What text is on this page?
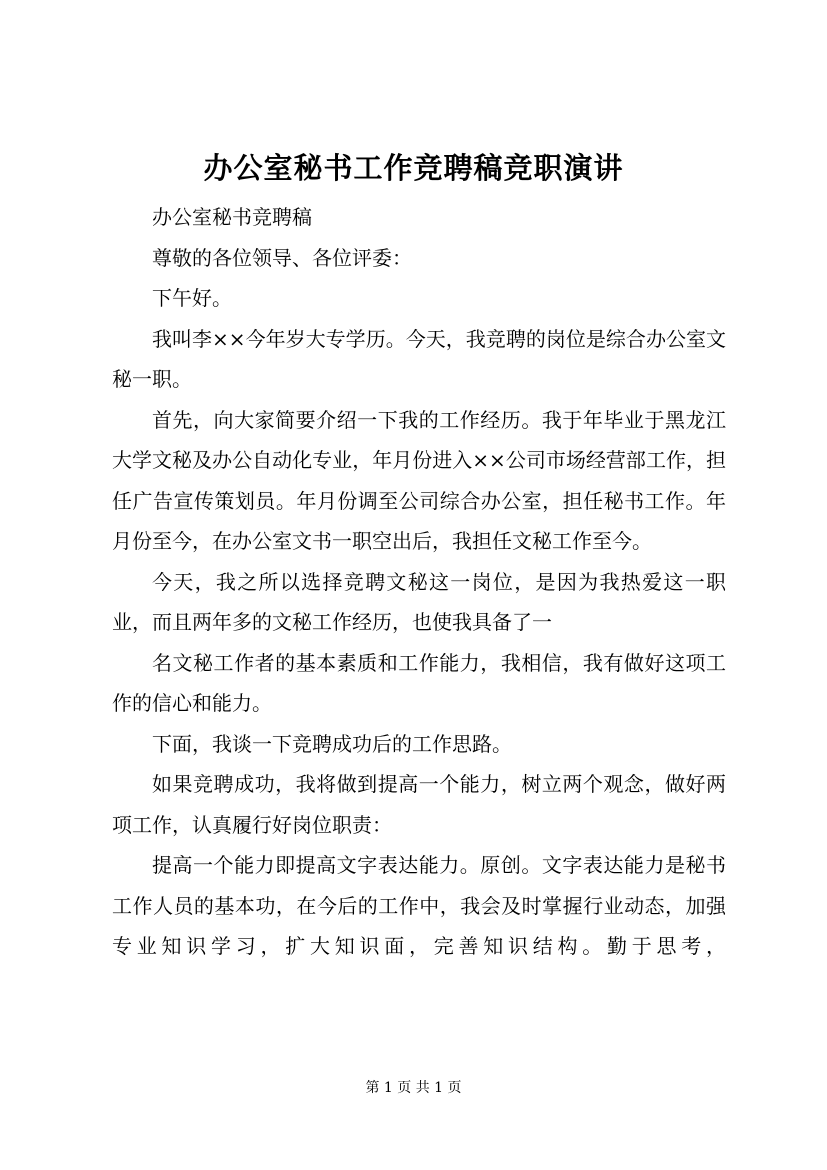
办公室秘书工作竞聘稿竞职演讲

办公室秘书竞聘稿

尊敬的各位领导、各位评委：

下午好。

我叫李××今年岁大专学历。今天，我竞聘的岗位是综合办公室文秘一职。

首先，向大家简要介绍一下我的工作经历。我于年毕业于黑龙江大学文秘及办公自动化专业，年月份进入××公司市场经营部工作，担任广告宣传策划员。年月份调至公司综合办公室，担任秘书工作。年月份至今，在办公室文书一职空出后，我担任文秘工作至今。

今天，我之所以选择竞聘文秘这一岗位，是因为我热爱这一职业，而且两年多的文秘工作经历，也使我具备了一

名文秘工作者的基本素质和工作能力，我相信，我有做好这项工作的信心和能力。

下面，我谈一下竞聘成功后的工作思路。

如果竞聘成功，我将做到提高一个能力，树立两个观念，做好两项工作，认真履行好岗位职责：

提高一个能力即提高文字表达能力。原创。文字表达能力是秘书工作人员的基本功，在今后的工作中，我会及时掌握行业动态，加强专业知识学习，扩大知识面，完善知识结构。勤于思考，

第 1 页 共 1 页
